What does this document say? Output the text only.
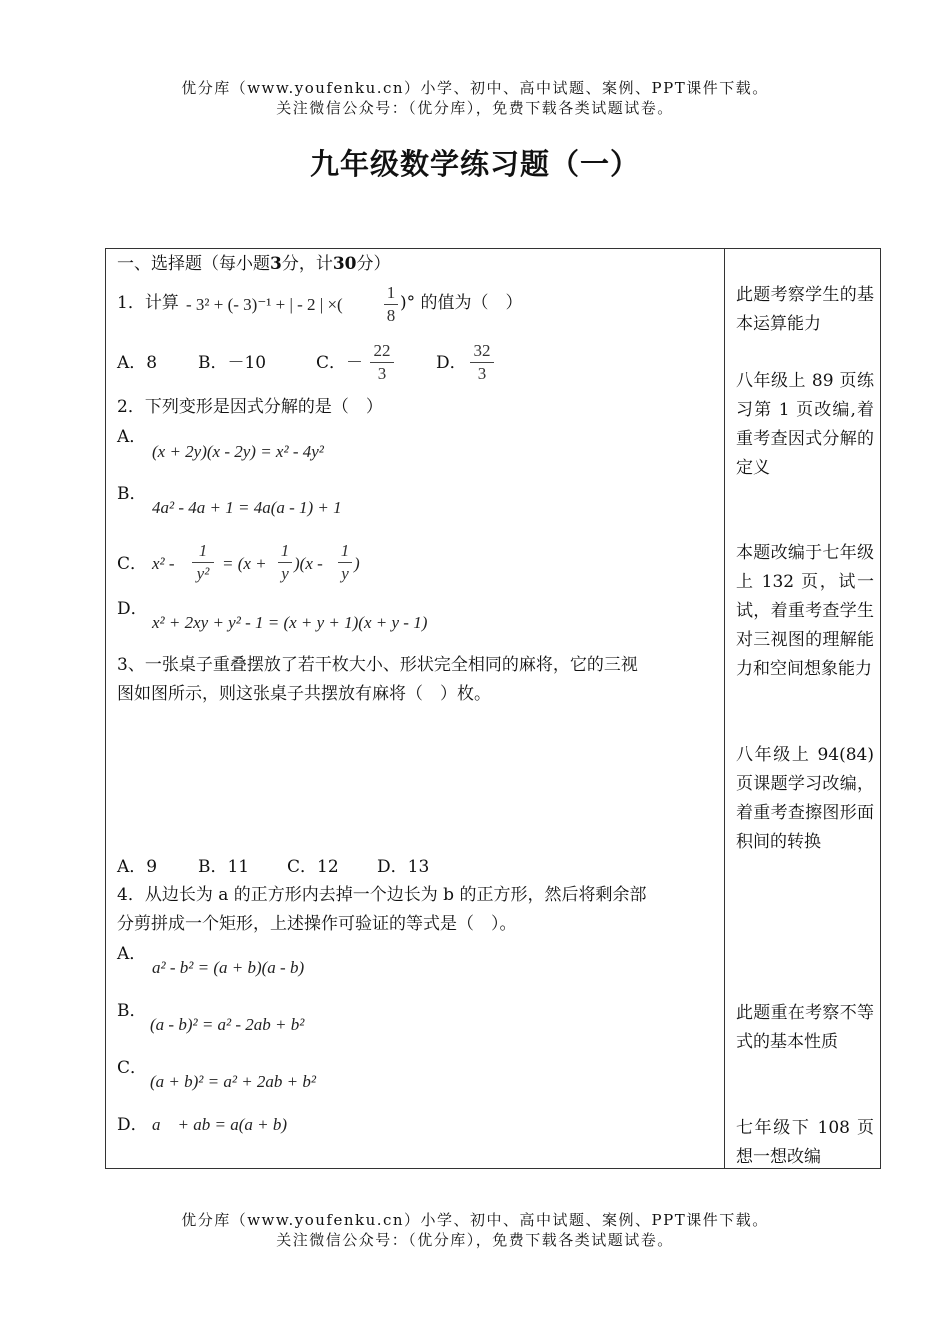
优分库（www.youfenku.cn）小学、初中、高中试题、案例、PPT课件下载。
关注微信公众号：（优分库），免费下载各类试题试卷。
九年级数学练习题（一）
一、选择题（每小题3分，计30分）
1．计算 - 3² + (- 3)⁻¹ + | - 2 | ×(
1
8
)° 的值为（　）
A．8 B．－10	C．－
22
3
D．
32
3
2．下列变形是因式分解的是（　）
A．
(x + 2y)(x - 2y) = x² - 4y²
B．
4a² - 4a + 1 = 4a(a - 1) + 1
C． x² -
1
y²
= (x +
1
y
)(x -
1
y
)
D．
x² + 2xy + y² - 1 = (x + y + 1)(x + y - 1)
3、一张桌子重叠摆放了若干枚大小、形状完全相同的麻将，它的三视
图如图所示，则这张桌子共摆放有麻将（　）枚。
A．9 B．11 C．12 D．13
4．从边长为 a 的正方形内去掉一个边长为 b 的正方形，然后将剩余部
分剪拼成一个矩形，上述操作可验证的等式是（　）。
A．
a² - b² = (a + b)(a - b)
B．
(a - b)² = a² - 2ab + b²
C．
(a + b)² = a² + 2ab + b²
D． a　+ ab = a(a + b)
此题考察学生的基本运算能力
八年级上 89 页练习第 1 页改编,着重考查因式分解的定义
本题改编于七年级上 132 页，试一试，着重考查学生对三视图的理解能力和空间想象能力
八年级上 94(84)页课题学习改编，着重考查擦图形面积间的转换
此题重在考察不等式的基本性质
七年级下 108 页想一想改编
优分库（www.youfenku.cn）小学、初中、高中试题、案例、PPT课件下载。
关注微信公众号：（优分库），免费下载各类试题试卷。
